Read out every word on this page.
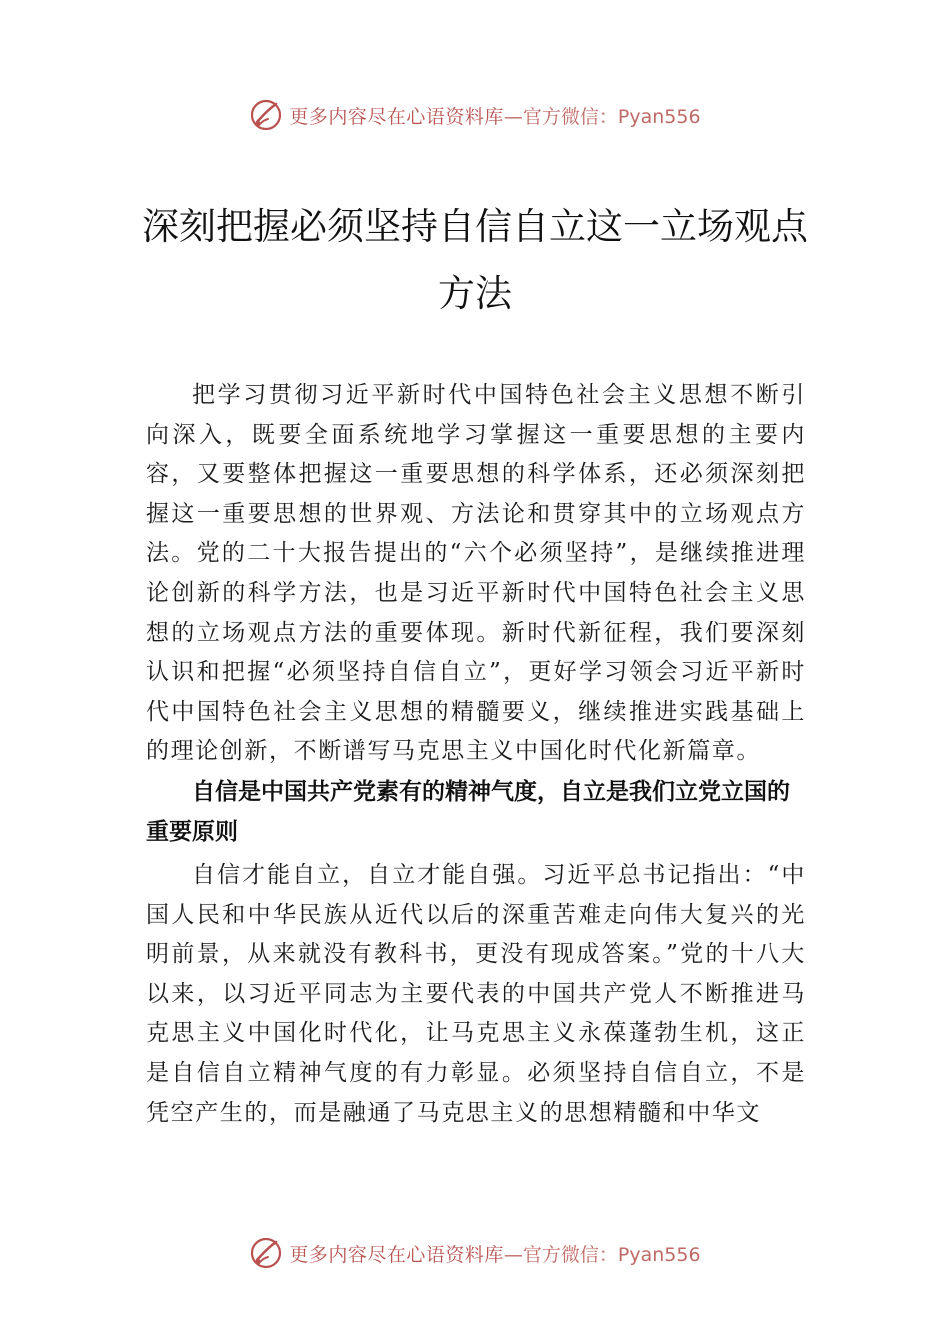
更多内容尽在心语资料库 —官方微信：Pyan556
深刻把握必须坚持自信自立这一立场观点
方法

把学习贯彻习近平新时代中国特色社会主义思想不断引向深入，既要全面系统地学习掌握这一重要思想的主要内容，又要整体把握这一重要思想的科学体系，还必须深刻把握这一重要思想的世界观、方法论和贯穿其中的立场观点方法。党的二十大报告提出的“六个必须坚持”，是继续推进理论创新的科学方法，也是习近平新时代中国特色社会主义思想的立场观点方法的重要体现。新时代新征程，我们要深刻认识和把握“必须坚持自信自立”，更好学习领会习近平新时代中国特色社会主义思想的精髓要义，继续推进实践基础上的理论创新，不断谱写马克思主义中国化时代化新篇章。

自信是中国共产党素有的精神气度，自立是我们立党立国的重要原则

自信才能自立，自立才能自强。习近平总书记指出：“中国人民和中华民族从近代以后的深重苦难走向伟大复兴的光明前景，从来就没有教科书，更没有现成答案。”党的十八大以来，以习近平同志为主要代表的中国共产党人不断推进马克思主义中国化时代化，让马克思主义永葆蓬勃生机，这正是自信自立精神气度的有力彰显。必须坚持自信自立，不是凭空产生的，而是融通了马克思主义的思想精髓和中华文

更多内容尽在心语资料库 —官方微信：Pyan556
